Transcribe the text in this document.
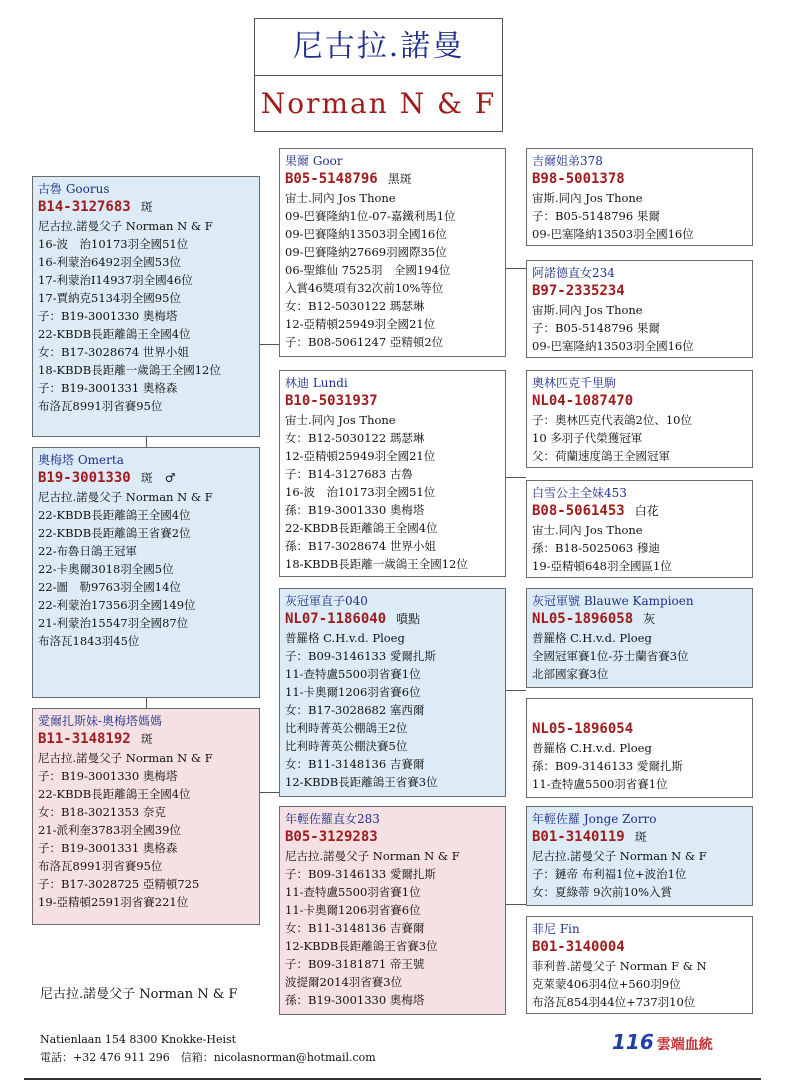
尼古拉.諾曼
Norman N & F
古魯 Goorus
B14-3127683 斑
尼古拉.諾曼父子 Norman N & F
16-波　治10173羽全國51位
16-利蒙治6492羽全國53位
17-利蒙治I14937羽全國46位
17-賈納克5134羽全國95位
子：B19-3001330 奧梅塔
22-KBDB長距離鴿王全國4位
女：B17-3028674 世界小姐
18-KBDB長距離一歲鴿王全國12位
子：B19-3001331 奧格森
布洛瓦8991羽省賽95位
奧梅塔 Omerta
B19-3001330 斑　♂
尼古拉.諾曼父子 Norman N & F
22-KBDB長距離鴿王全國4位
22-KBDB長距離鴿王省賽2位
22-布魯日鴿王冠軍
22-卡奧爾3018羽全國5位
22-圖　勒9763羽全國14位
22-利蒙治17356羽全國149位
21-利蒙治15547羽全國87位
布洛瓦1843羽45位
愛爾扎斯妹-奧梅塔媽媽
B11-3148192 斑
尼古拉.諾曼父子 Norman N & F
子：B19-3001330 奧梅塔
22-KBDB長距離鴿王全國4位
女：B18-3021353 奈克
21-派利奎3783羽全國39位
子：B19-3001331 奧格森
布洛瓦8991羽省賽95位
子：B17-3028725 亞精頓725
19-亞精頓2591羽省賽221位
果爾 Goor
B05-5148796 黑斑
宙士.同內 Jos Thone
09-巴賽隆納1位-07-嘉鐵利馬1位
09-巴賽隆納13503羽全國16位
09-巴賽隆納27669羽國際35位
06-聖維仙 7525羽　全國194位
入賞46獎項有32次前10%等位
女：B12-5030122 瑪瑟琳
12-亞精頓25949羽全國21位
子：B08-5061247 亞精頓2位
林迪 Lundi
B10-5031937
宙士.同內 Jos Thone
女：B12-5030122 瑪瑟琳
12-亞精頓25949羽全國21位
子：B14-3127683 古魯
16-波　治10173羽全國51位
孫：B19-3001330 奧梅塔
22-KBDB長距離鴿王全國4位
孫：B17-3028674 世界小姐
18-KBDB長距離一歲鴿王全國12位
灰冠軍直子040
NL07-1186040 噴點
普羅格 C.H.v.d. Ploeg
子：B09-3146133 愛爾扎斯
11-查特盧5500羽省賽1位
11-卡奧爾1206羽省賽6位
女：B17-3028682 塞西爾
比利時菁英公棚鴿王2位
比利時菁英公棚決賽5位
女：B11-3148136 吉賽爾
12-KBDB長距離鴿王省賽3位
年輕佐羅直女283
B05-3129283
尼古拉.諾曼父子 Norman N & F
子：B09-3146133 愛爾扎斯
11-查特盧5500羽省賽1位
11-卡奧爾1206羽省賽6位
女：B11-3148136 吉賽爾
12-KBDB長距離鴿王省賽3位
子：B09-3181871 帝王號
波提爾2014羽省賽3位
孫：B19-3001330 奧梅塔
吉爾姐弟378
B98-5001378
宙斯.同內 Jos Thone
子：B05-5148796 果爾
09-巴塞隆納13503羽全國16位
阿諾德直女234
B97-2335234
宙斯.同內 Jos Thone
子：B05-5148796 果爾
09-巴塞隆納13503羽全國16位
奧林匹克千里駒
NL04-1087470
子：奧林匹克代表鴿2位、10位
10 多羽子代榮獲冠軍
父：荷蘭速度鴿王全國冠軍
白雪公主全妹453
B08-5061453 白花
宙士.同內 Jos Thone
孫：B18-5025063 穆迪
19-亞精頓648羽全國區1位
灰冠軍號 Blauwe Kampioen
NL05-1896058 灰
普羅格 C.H.v.d. Ploeg
全國冠軍賽1位-芬士蘭省賽3位
北部國家賽3位
NL05-1896054
普羅格 C.H.v.d. Ploeg
孫：B09-3146133 愛爾扎斯
11-查特盧5500羽省賽1位
年輕佐羅 Jonge Zorro
B01-3140119 斑
尼古拉.諾曼父子 Norman N & F
子：鏈帝 布利福1位+波治1位
女：夏綠蒂 9次前10%入賞
菲尼 Fin
B01-3140004
菲利普.諾曼父子 Norman F & N
克萊蒙406羽4位+560羽9位
布洛瓦854羽44位+737羽10位
尼古拉.諾曼父子 Norman N & F
Natienlaan 154 8300 Knokke-Heist
電話：+32 476 911 296　信箱：nicolasnorman@hotmail.com
116 雲端血統
